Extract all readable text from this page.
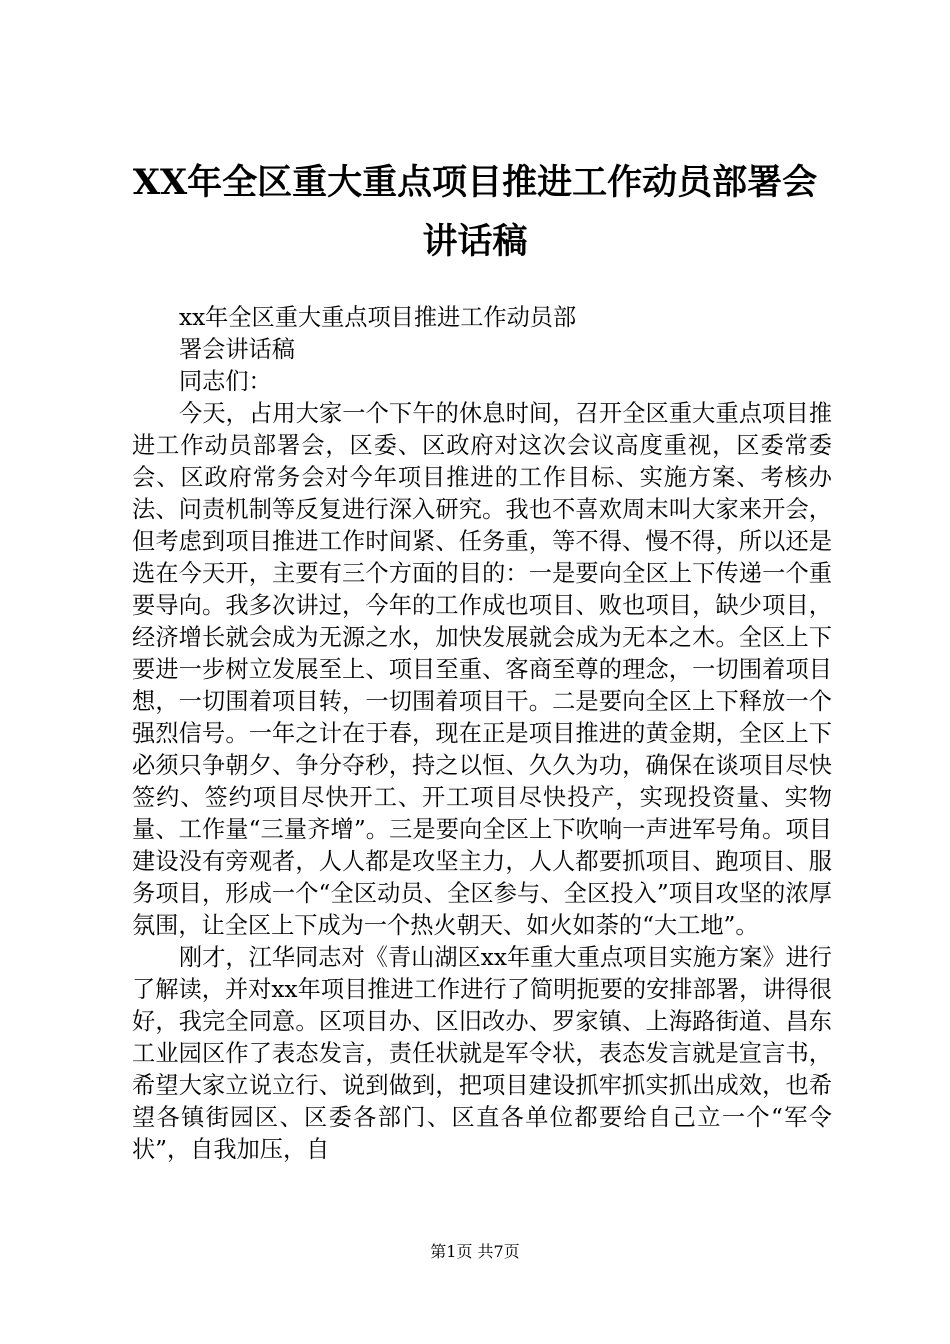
XX年全区重大重点项目推进工作动员部署会
讲话稿

xx年全区重大重点项目推进工作动员部

署会讲话稿

同志们：

今天，占用大家一个下午的休息时间，召开全区重大重点项目推进工作动员部署会，区委、区政府对这次会议高度重视，区委常委会、区政府常务会对今年项目推进的工作目标、实施方案、考核办法、问责机制等反复进行深入研究。我也不喜欢周末叫大家来开会，但考虑到项目推进工作时间紧、任务重，等不得、慢不得，所以还是选在今天开，主要有三个方面的目的：一是要向全区上下传递一个重要导向。我多次讲过，今年的工作成也项目、败也项目，缺少项目，经济增长就会成为无源之水，加快发展就会成为无本之木。全区上下要进一步树立发展至上、项目至重、客商至尊的理念，一切围着项目想，一切围着项目转，一切围着项目干。二是要向全区上下释放一个强烈信号。一年之计在于春，现在正是项目推进的黄金期，全区上下必须只争朝夕、争分夺秒，持之以恒、久久为功，确保在谈项目尽快签约、签约项目尽快开工、开工项目尽快投产，实现投资量、实物量、工作量“三量齐增”。三是要向全区上下吹响一声进军号角。项目建设没有旁观者，人人都是攻坚主力，人人都要抓项目、跑项目、服务项目，形成一个“全区动员、全区参与、全区投入”项目攻坚的浓厚氛围，让全区上下成为一个热火朝天、如火如荼的“大工地”。

刚才，江华同志对《青山湖区xx年重大重点项目实施方案》进行了解读，并对xx年项目推进工作进行了简明扼要的安排部署，讲得很好，我完全同意。区项目办、区旧改办、罗家镇、上海路街道、昌东工业园区作了表态发言，责任状就是军令状，表态发言就是宣言书，希望大家立说立行、说到做到，把项目建设抓牢抓实抓出成效，也希望各镇街园区、区委各部门、区直各单位都要给自己立一个“军令状”，自我加压，自

第1页 共7页
